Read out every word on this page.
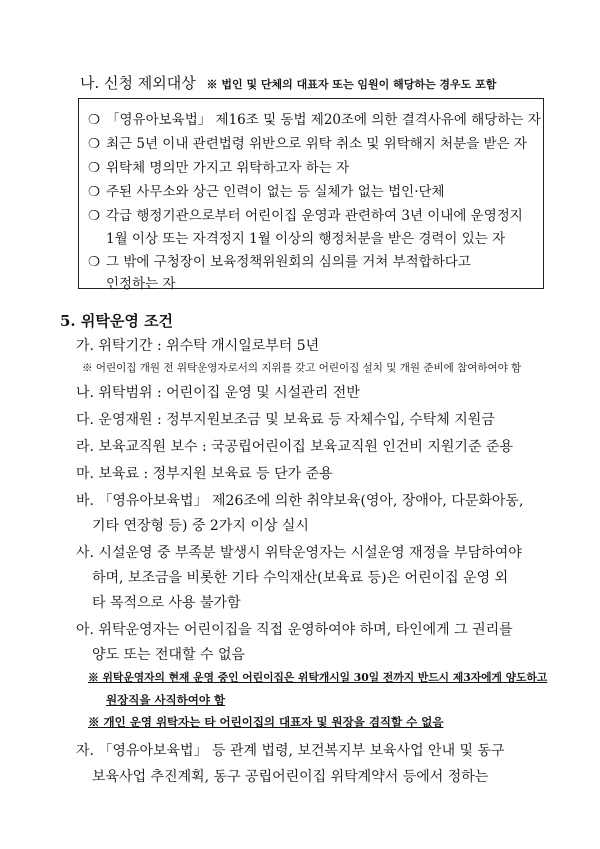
나. 신청 제외대상 ※ 법인 및 단체의 대표자 또는 임원이 해당하는 경우도 포함
❍ 「영유아보육법」 제16조 및 동법 제20조에 의한 결격사유에 해당하는 자
❍ 최근 5년 이내 관련법령 위반으로 위탁 취소 및 위탁해지 처분을 받은 자
❍ 위탁체 명의만 가지고 위탁하고자 하는 자
❍ 주된 사무소와 상근 인력이 없는 등 실체가 없는 법인·단체
❍ 각급 행정기관으로부터 어린이집 운영과 관련하여 3년 이내에 운영정지
1월 이상 또는 자격정지 1월 이상의 행정처분을 받은 경력이 있는 자
❍ 그 밖에 구청장이 보육정책위원회의 심의를 거쳐 부적합하다고
인정하는 자
5. 위탁운영 조건
가. 위탁기간 : 위수탁 개시일로부터 5년
※ 어린이집 개원 전 위탁운영자로서의 지위를 갖고 어린이집 설치 및 개원 준비에 참여하여야 함
나. 위탁범위 : 어린이집 운영 및 시설관리 전반
다. 운영재원 : 정부지원보조금 및 보육료 등 자체수입, 수탁체 지원금
라. 보육교직원 보수 : 국공립어린이집 보육교직원 인건비 지원기준 준용
마. 보육료 : 정부지원 보육료 등 단가 준용
바. 「영유아보육법」 제26조에 의한 취약보육(영아, 장애아, 다문화아동,
기타 연장형 등) 중 2가지 이상 실시
사. 시설운영 중 부족분 발생시 위탁운영자는 시설운영 재정을 부담하여야
하며, 보조금을 비롯한 기타 수익재산(보육료 등)은 어린이집 운영 외
타 목적으로 사용 불가함
아. 위탁운영자는 어린이집을 직접 운영하여야 하며, 타인에게 그 권리를
양도 또는 전대할 수 없음
※ 위탁운영자의 현재 운영 중인 어린이집은 위탁개시일 30일 전까지 반드시 제3자에게 양도하고
원장직을 사직하여야 함
※ 개인 운영 위탁자는 타 어린이집의 대표자 및 원장을 겸직할 수 없음
자. 「영유아보육법」 등 관계 법령, 보건복지부 보육사업 안내 및 동구
보육사업 추진계획, 동구 공립어린이집 위탁계약서 등에서 정하는
